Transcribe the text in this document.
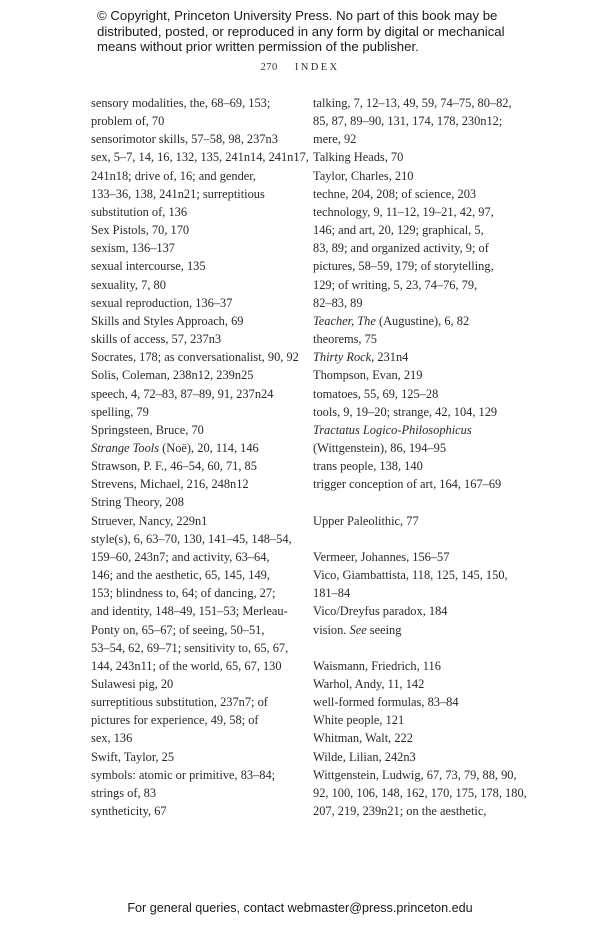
© Copyright, Princeton University Press. No part of this book may be
distributed, posted, or reproduced in any form by digital or mechanical
means without prior written permission of the publisher.
270 INDEX
sensory modalities, the, 68–69, 153;
problem of, 70
sensorimotor skills, 57–58, 98, 237n3
sex, 5–7, 14, 16, 132, 135, 241n14, 241n17,
241n18; drive of, 16; and gender,
133–36, 138, 241n21; surreptitious
substitution of, 136
Sex Pistols, 70, 170
sexism, 136–137
sexual intercourse, 135
sexuality, 7, 80
sexual reproduction, 136–37
Skills and Styles Approach, 69
skills of access, 57, 237n3
Socrates, 178; as conversationalist, 90, 92
Solis, Coleman, 238n12, 239n25
speech, 4, 72–83, 87–89, 91, 237n24
spelling, 79
Springsteen, Bruce, 70
Strange Tools (Noë), 20, 114, 146
Strawson, P. F., 46–54, 60, 71, 85
Strevens, Michael, 216, 248n12
String Theory, 208
Struever, Nancy, 229n1
style(s), 6, 63–70, 130, 141–45, 148–54,
159–60, 243n7; and activity, 63–64,
146; and the aesthetic, 65, 145, 149,
153; blindness to, 64; of dancing, 27;
and identity, 148–49, 151–53; Merleau-
Ponty on, 65–67; of seeing, 50–51,
53–54, 62, 69–71; sensitivity to, 65, 67,
144, 243n11; of the world, 65, 67, 130
Sulawesi pig, 20
surreptitious substitution, 237n7; of
pictures for experience, 49, 58; of
sex, 136
Swift, Taylor, 25
symbols: atomic or primitive, 83–84;
strings of, 83
syntheticity, 67
talking, 7, 12–13, 49, 59, 74–75, 80–82,
85, 87, 89–90, 131, 174, 178, 230n12;
mere, 92
Talking Heads, 70
Taylor, Charles, 210
techne, 204, 208; of science, 203
technology, 9, 11–12, 19–21, 42, 97,
146; and art, 20, 129; graphical, 5,
83, 89; and organized activity, 9; of
pictures, 58–59, 179; of storytelling,
129; of writing, 5, 23, 74–76, 79,
82–83, 89
Teacher, The (Augustine), 6, 82
theorems, 75
Thirty Rock, 231n4
Thompson, Evan, 219
tomatoes, 55, 69, 125–28
tools, 9, 19–20; strange, 42, 104, 129
Tractatus Logico-Philosophicus
(Wittgenstein), 86, 194–95
trans people, 138, 140
trigger conception of art, 164, 167–69
Upper Paleolithic, 77
Vermeer, Johannes, 156–57
Vico, Giambattista, 118, 125, 145, 150,
181–84
Vico/Dreyfus paradox, 184
vision. See seeing
Waismann, Friedrich, 116
Warhol, Andy, 11, 142
well-formed formulas, 83–84
White people, 121
Whitman, Walt, 222
Wilde, Lilian, 242n3
Wittgenstein, Ludwig, 67, 73, 79, 88, 90,
92, 100, 106, 148, 162, 170, 175, 178, 180,
207, 219, 239n21; on the aesthetic,
For general queries, contact webmaster@press.princeton.edu
